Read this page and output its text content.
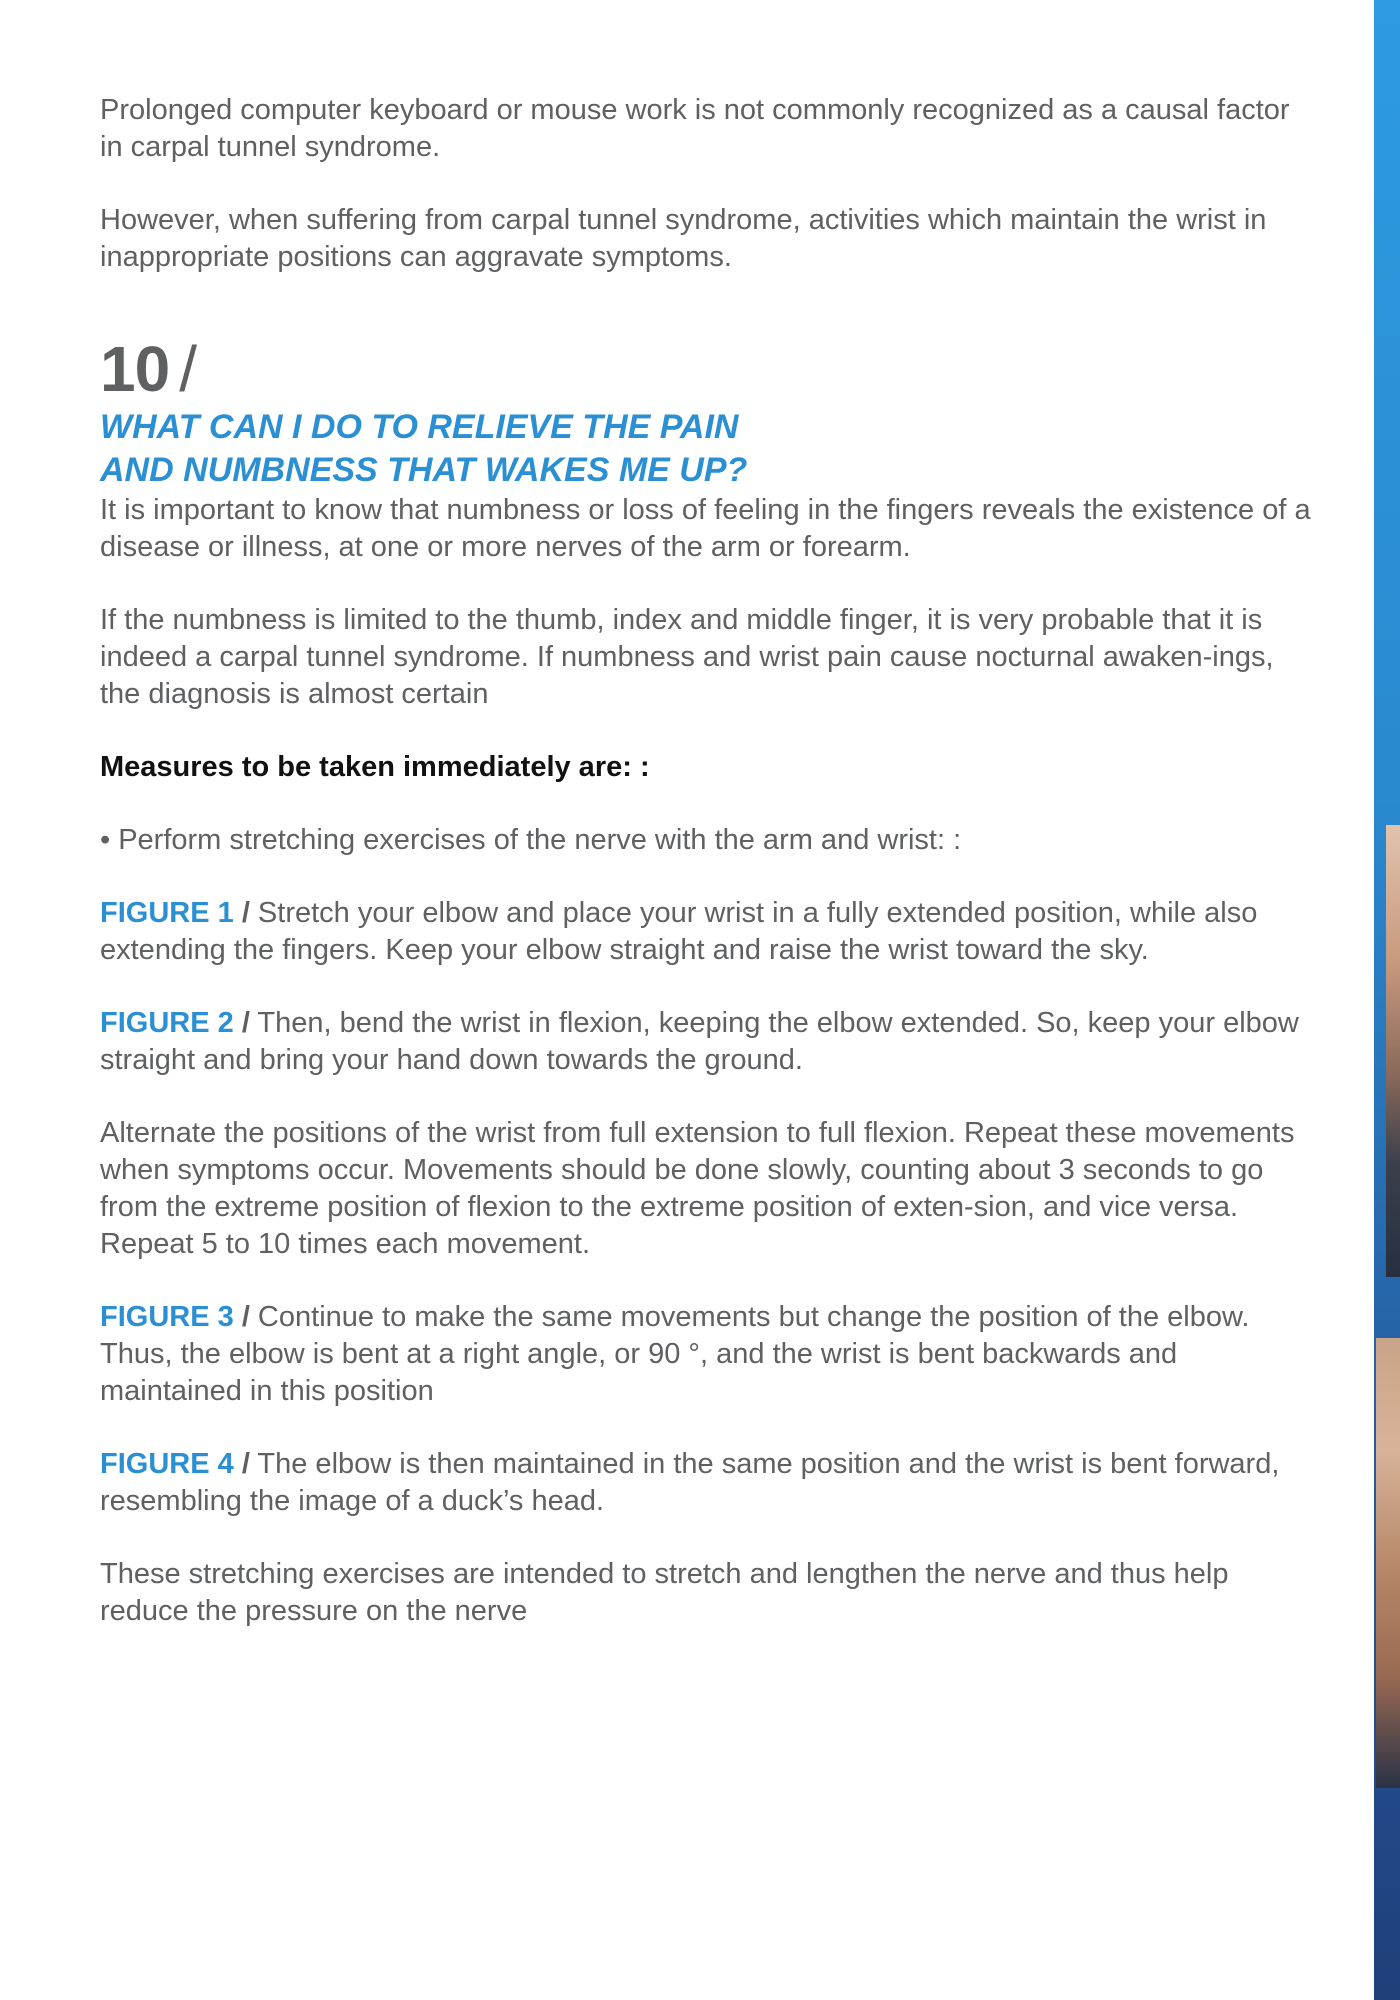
Prolonged computer keyboard or mouse work is not commonly recognized as a causal factor in carpal tunnel syndrome.

However, when suffering from carpal tunnel syndrome, activities which maintain the wrist in inappropriate positions can aggravate symptoms.

10 /
WHAT CAN I DO TO RELIEVE THE PAIN
AND NUMBNESS THAT WAKES ME UP?

It is important to know that numbness or loss of feeling in the fingers reveals the existence of a disease or illness, at one or more nerves of the arm or forearm.

If the numbness is limited to the thumb, index and middle finger, it is very probable that it is indeed a carpal tunnel syndrome. If numbness and wrist pain cause nocturnal awaken-ings, the diagnosis is almost certain

Measures to be taken immediately are: :

• Perform stretching exercises of the nerve with the arm and wrist: :

FIGURE 1 / Stretch your elbow and place your wrist in a fully extended position, while also extending the fingers. Keep your elbow straight and raise the wrist toward the sky.

FIGURE 2 / Then, bend the wrist in flexion, keeping the elbow extended. So, keep your elbow straight and bring your hand down towards the ground.

Alternate the positions of the wrist from full extension to full flexion. Repeat these movements when symptoms occur. Movements should be done slowly, counting about 3 seconds to go from the extreme position of flexion to the extreme position of exten-sion, and vice versa. Repeat 5 to 10 times each movement.

FIGURE 3 / Continue to make the same movements but change the position of the elbow. Thus, the elbow is bent at a right angle, or 90 °, and the wrist is bent backwards and maintained in this position

FIGURE 4 / The elbow is then maintained in the same position and the wrist is bent forward, resembling the image of a duck’s head.

These stretching exercises are intended to stretch and lengthen the nerve and thus help reduce the pressure on the nerve
